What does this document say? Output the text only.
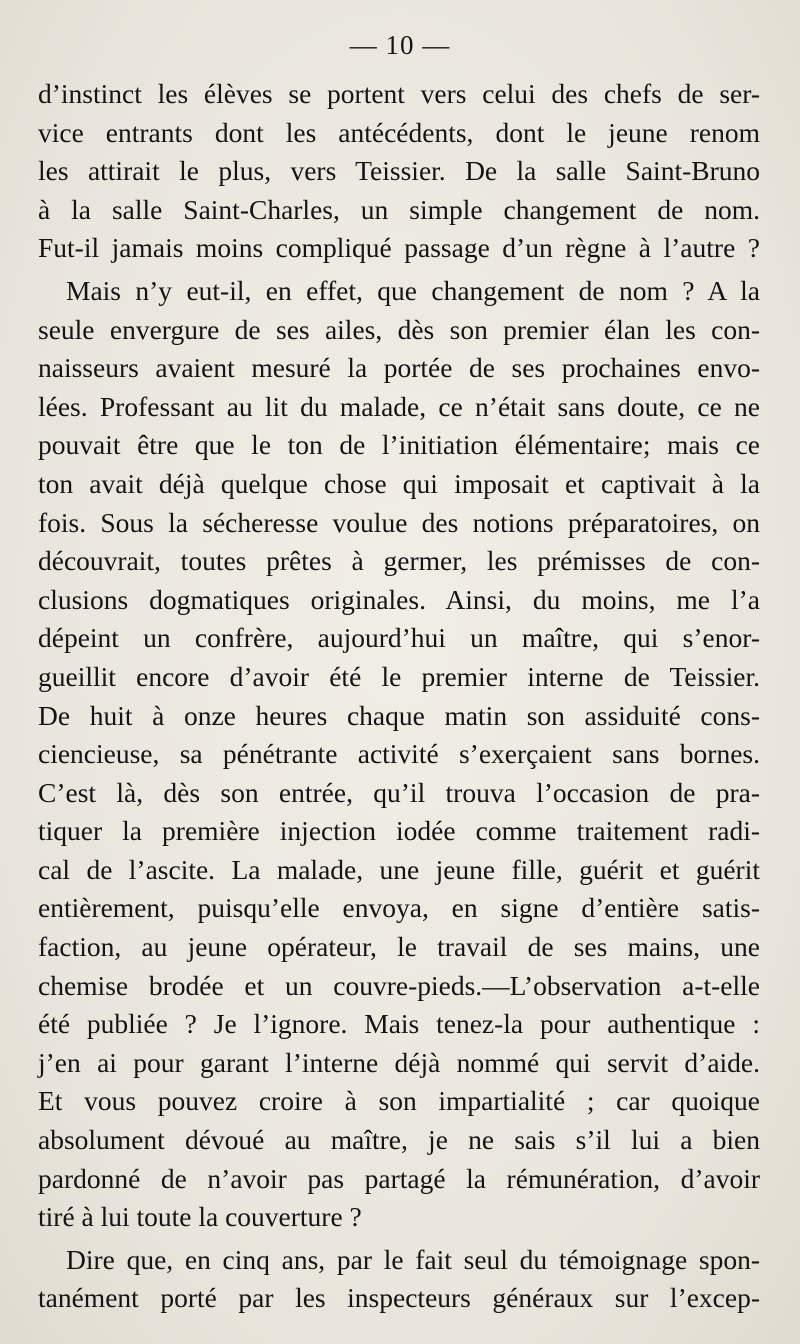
— 10 —
d’instinct les élèves se portent vers celui des chefs de ser-
vice entrants dont les antécédents, dont le jeune renom
les attirait le plus, vers Teissier. De la salle Saint-Bruno
à la salle Saint-Charles, un simple changement de nom.
Fut-il jamais moins compliqué passage d’un règne à l’autre ?
Mais n’y eut-il, en effet, que changement de nom ? A la
seule envergure de ses ailes, dès son premier élan les con-
naisseurs avaient mesuré la portée de ses prochaines envo-
lées. Professant au lit du malade, ce n’était sans doute, ce ne
pouvait être que le ton de l’initiation élémentaire; mais ce
ton avait déjà quelque chose qui imposait et captivait à la
fois. Sous la sécheresse voulue des notions préparatoires, on
découvrait, toutes prêtes à germer, les prémisses de con-
clusions dogmatiques originales. Ainsi, du moins, me l’a
dépeint un confrère, aujourd’hui un maître, qui s’enor-
gueillit encore d’avoir été le premier interne de Teissier.
De huit à onze heures chaque matin son assiduité cons-
ciencieuse, sa pénétrante activité s’exerçaient sans bornes.
C’est là, dès son entrée, qu’il trouva l’occasion de pra-
tiquer la première injection iodée comme traitement radi-
cal de l’ascite. La malade, une jeune fille, guérit et guérit
entièrement, puisqu’elle envoya, en signe d’entière satis-
faction, au jeune opérateur, le travail de ses mains, une
chemise brodée et un couvre-pieds.—L’observation a-t-elle
été publiée ? Je l’ignore. Mais tenez-la pour authentique :
j’en ai pour garant l’interne déjà nommé qui servit d’aide.
Et vous pouvez croire à son impartialité ; car quoique
absolument dévoué au maître, je ne sais s’il lui a bien
pardonné de n’avoir pas partagé la rémunération, d’avoir
tiré à lui toute la couverture ?
Dire que, en cinq ans, par le fait seul du témoignage spon-
tanément porté par les inspecteurs généraux sur l’excep-
